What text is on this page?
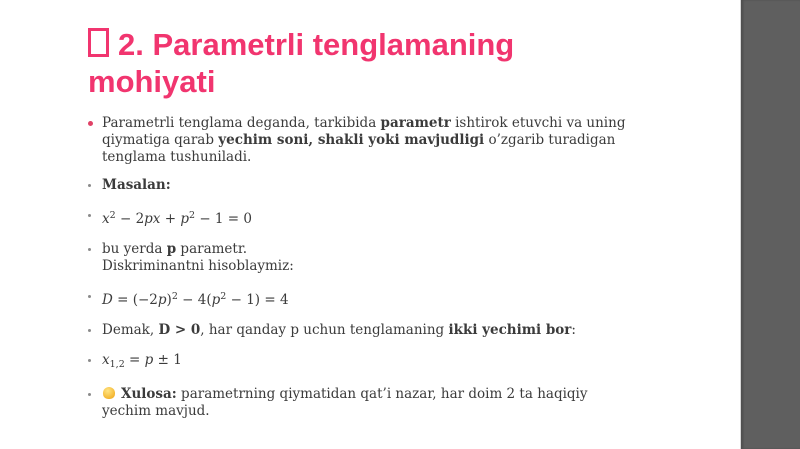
2. Parametrli tenglamaning
mohiyati
Parametrli tenglama deganda, tarkibida parametr ishtirok etuvchi va uning qiymatiga qarab yechim soni, shakli yoki mavjudligi o’zgarib turadigan tenglama tushuniladi.
Masalan:
$x^2 - 2px + p^2 - 1 = 0$
bu yerda p parametr.
Diskriminantni hisoblaymiz:
$D = (-2p)^2 - 4(p^2 - 1) = 4$
Demak, D > 0, har qanday p uchun tenglamaning ikki yechimi bor:
$x_{1,2} = p \pm 1$
Xulosa: parametrning qiymatidan qat’i nazar, har doim 2 ta haqiqiy yechim mavjud.
